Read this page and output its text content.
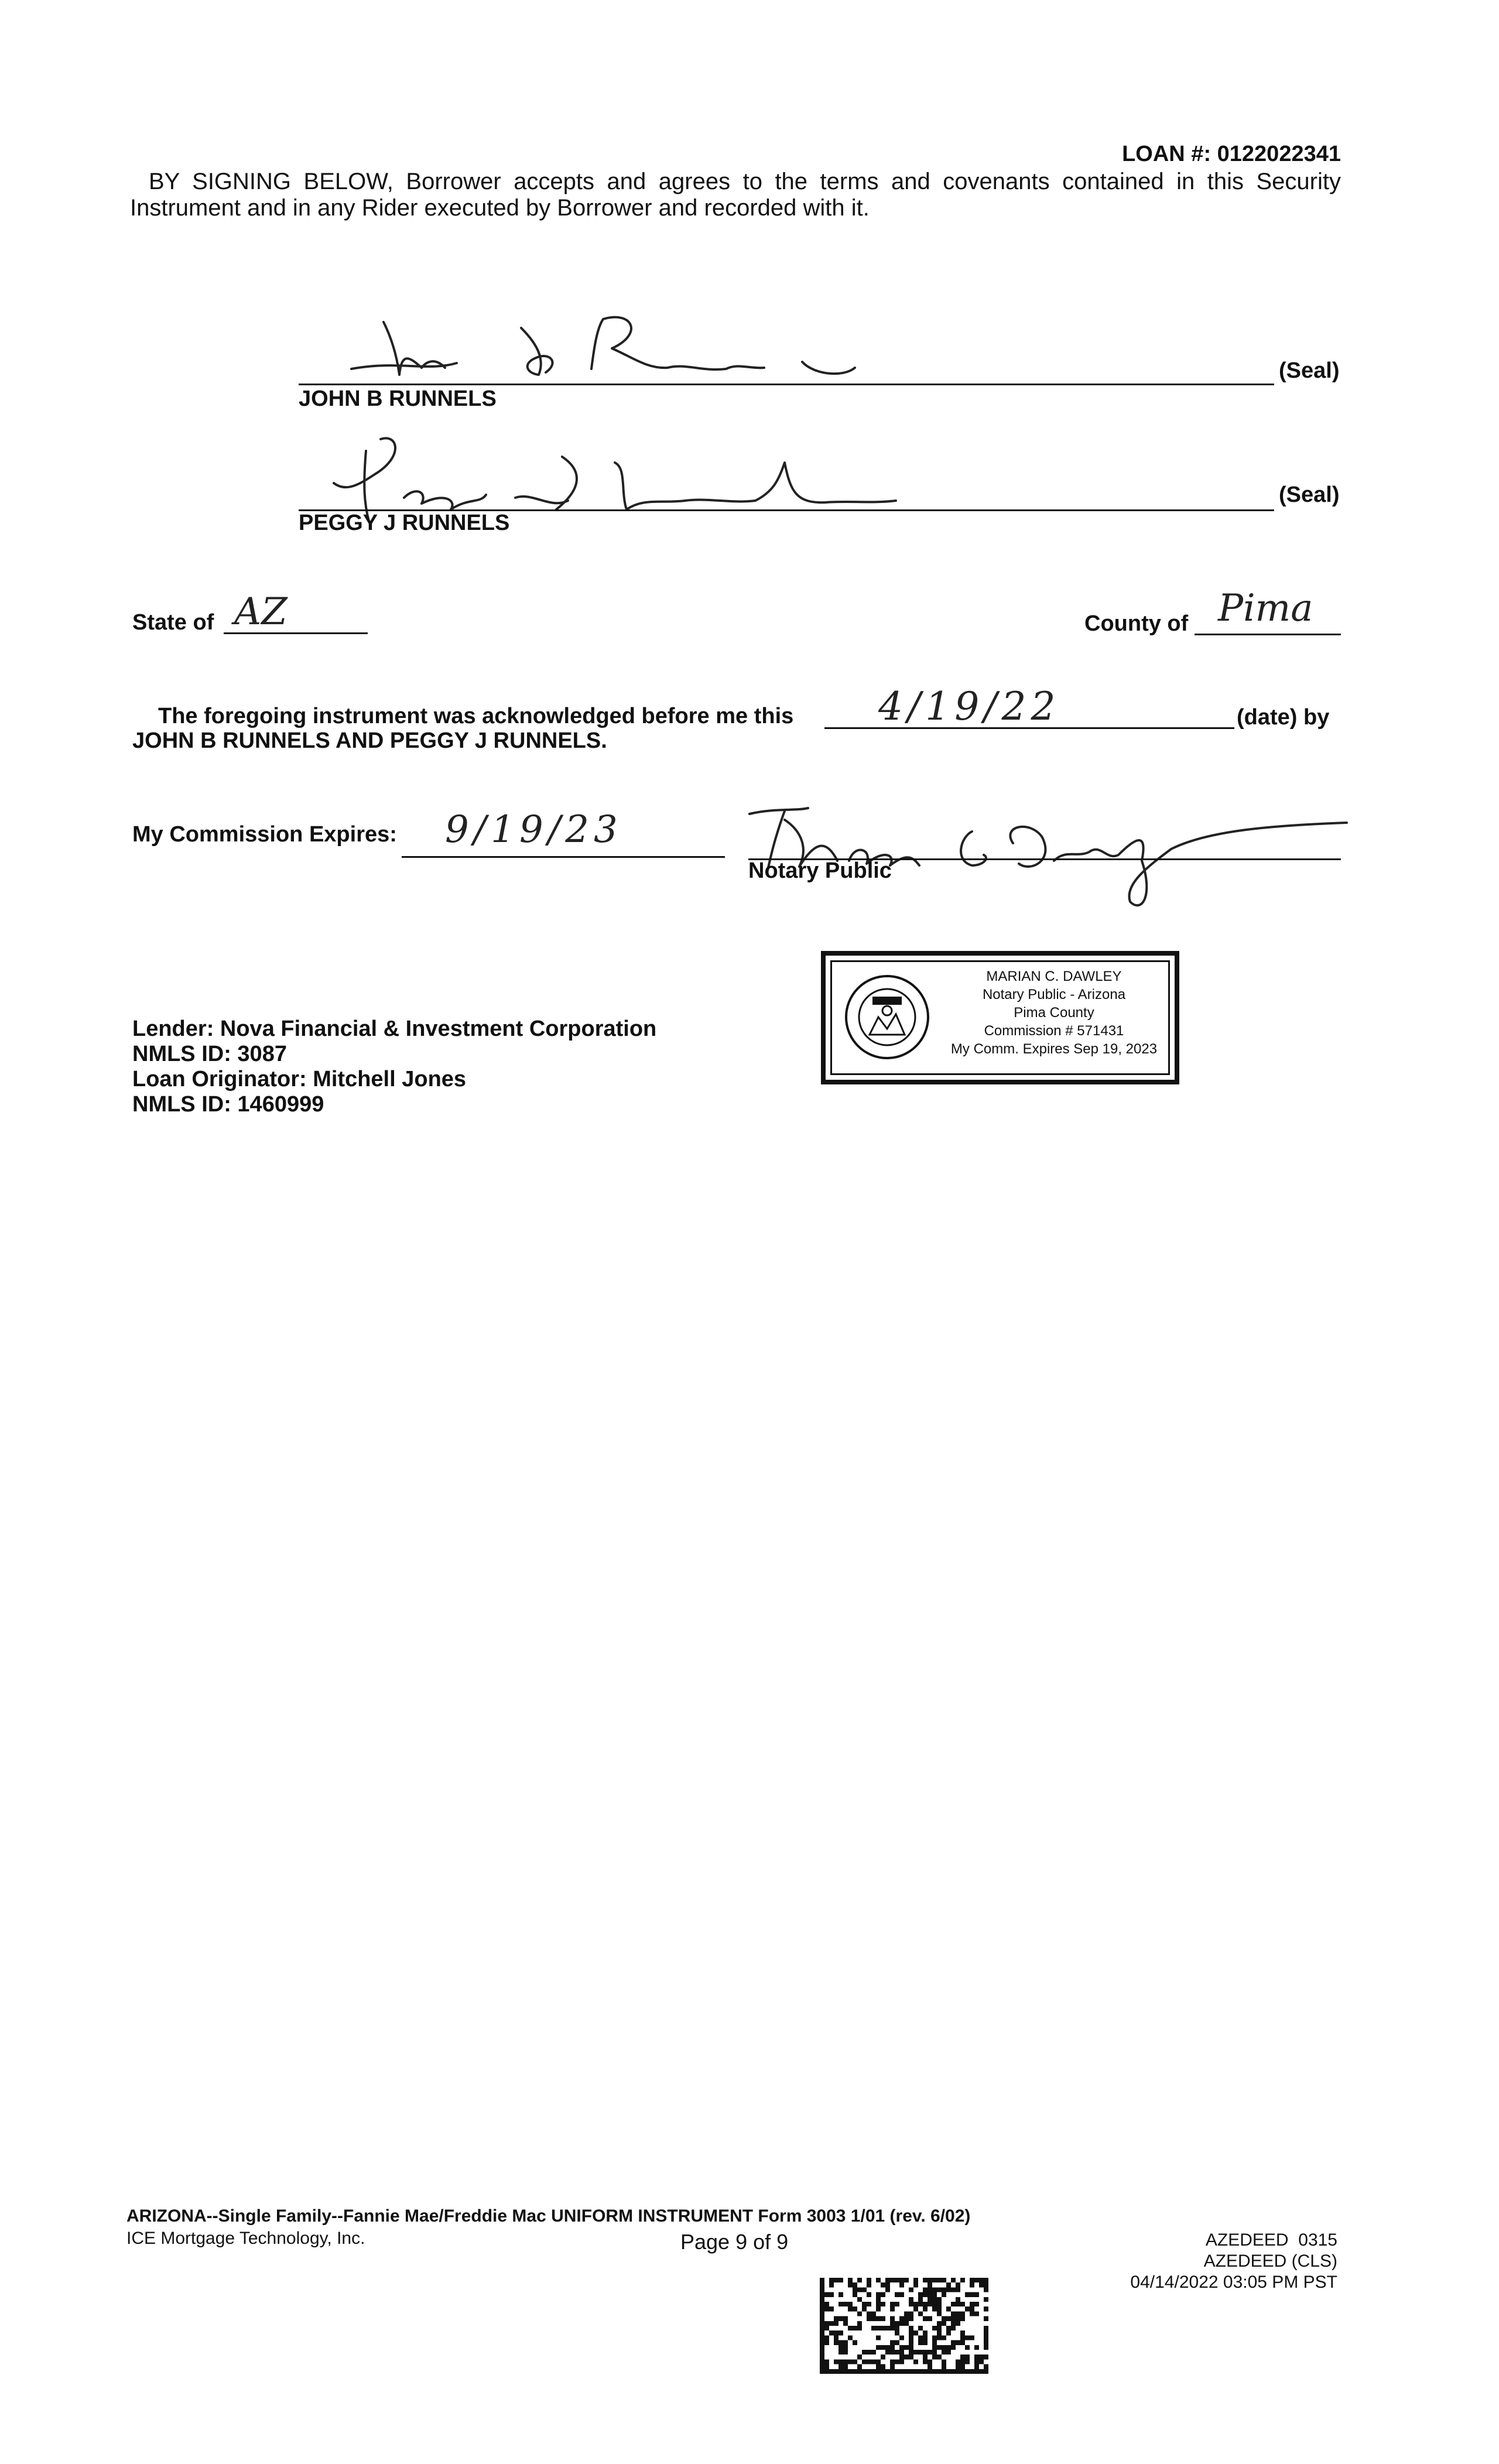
LOAN #: 0122022341
BY SIGNING BELOW, Borrower accepts and agrees to the terms and covenants contained in this Security
Instrument and in any Rider executed by Borrower and recorded with it.
JOHN B RUNNELS
(Seal)
PEGGY J RUNNELS
(Seal)
State of AZ	County of Pima
The foregoing instrument was acknowledged before me this 4/19/22	(date) by
JOHN B RUNNELS AND PEGGY J RUNNELS.
My Commission Expires: 9/19/23
Notary Public
MARIAN C. DAWLEY
Notary Public - Arizona
Pima County
Commission # 571431
My Comm. Expires Sep 19, 2023
Lender: Nova Financial & Investment Corporation
NMLS ID: 3087
Loan Originator: Mitchell Jones
NMLS ID: 1460999
ARIZONA--Single Family--Fannie Mae/Freddie Mac UNIFORM INSTRUMENT Form 3003 1/01 (rev. 6/02)
ICE Mortgage Technology, Inc.	Page 9 of 9	AZEDEED  0315
AZEDEED (CLS)
04/14/2022 03:05 PM PST
